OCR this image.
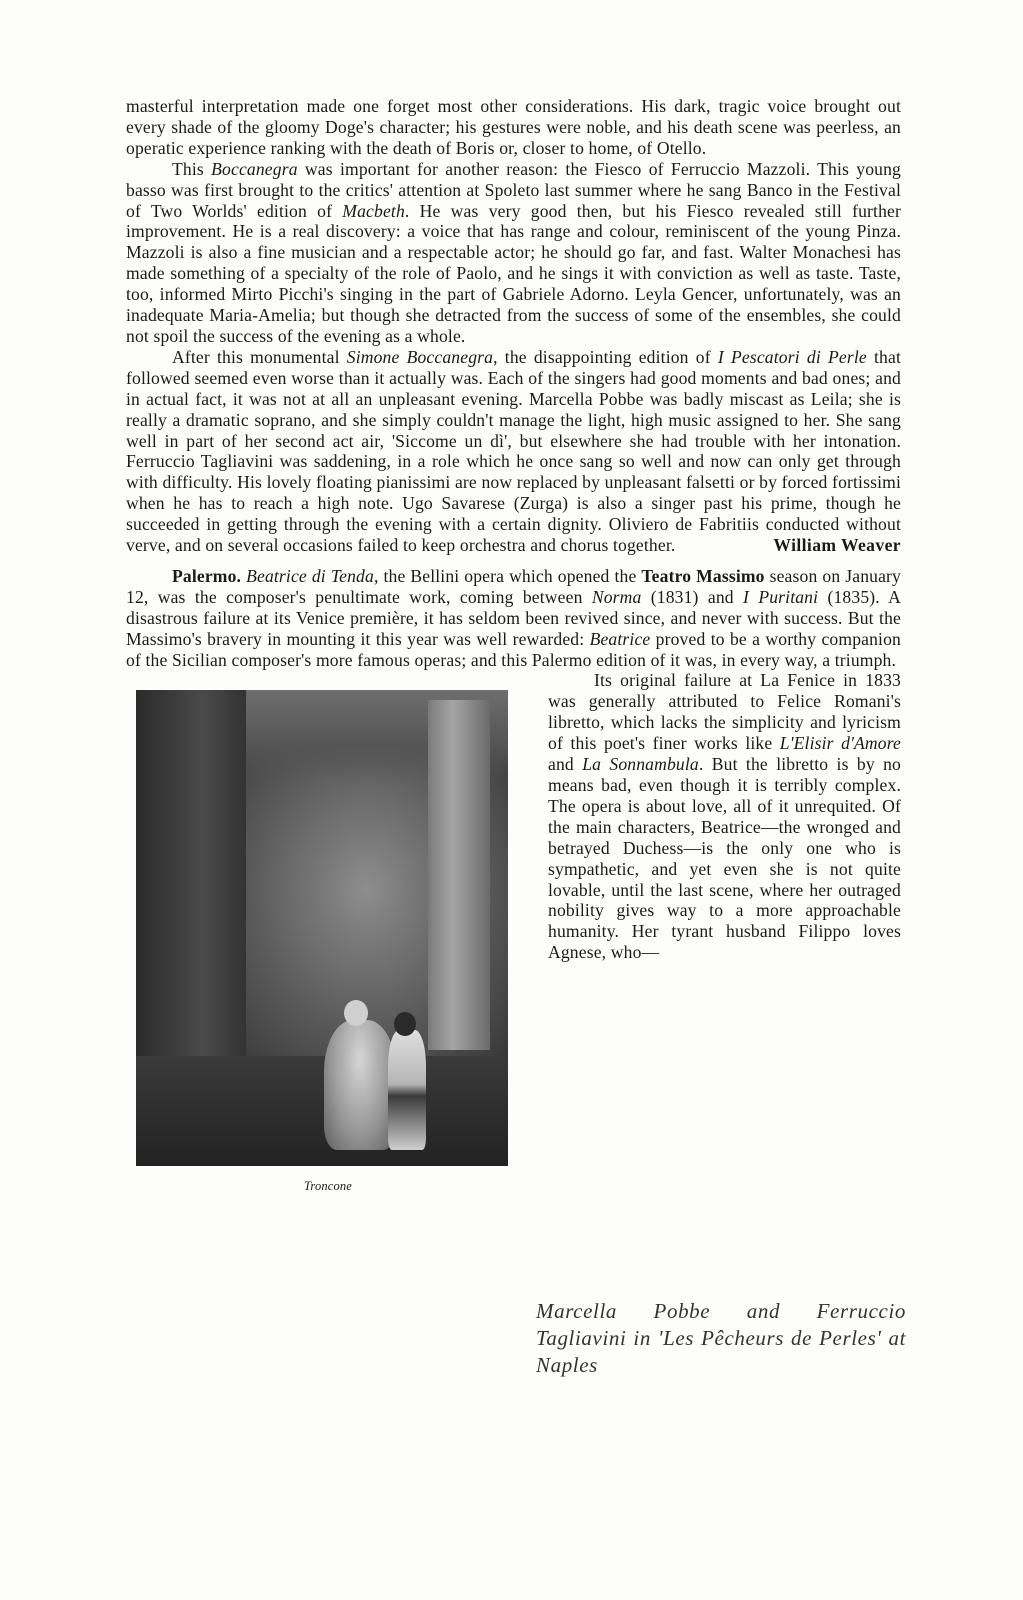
masterful interpretation made one forget most other considerations. His dark, tragic voice brought out every shade of the gloomy Doge's character; his gestures were noble, and his death scene was peerless, an operatic experience ranking with the death of Boris or, closer to home, of Otello.

This Boccanegra was important for another reason: the Fiesco of Ferruccio Mazzoli. This young basso was first brought to the critics' attention at Spoleto last summer where he sang Banco in the Festival of Two Worlds' edition of Macbeth. He was very good then, but his Fiesco revealed still further improvement. He is a real discovery: a voice that has range and colour, reminiscent of the young Pinza. Mazzoli is also a fine musician and a respectable actor; he should go far, and fast. Walter Monachesi has made something of a specialty of the role of Paolo, and he sings it with conviction as well as taste. Taste, too, informed Mirto Picchi's singing in the part of Gabriele Adorno. Leyla Gencer, unfortunately, was an inadequate Maria-Amelia; but though she detracted from the success of some of the ensembles, she could not spoil the success of the evening as a whole.

After this monumental Simone Boccanegra, the disappointing edition of I Pescatori di Perle that followed seemed even worse than it actually was. Each of the singers had good moments and bad ones; and in actual fact, it was not at all an unpleasant evening. Marcella Pobbe was badly miscast as Leila; she is really a dramatic soprano, and she simply couldn't manage the light, high music assigned to her. She sang well in part of her second act air, 'Siccome un dì', but elsewhere she had trouble with her intonation. Ferruccio Tagliavini was saddening, in a role which he once sang so well and now can only get through with difficulty. His lovely floating pianissimi are now replaced by unpleasant falsetti or by forced fortissimi when he has to reach a high note. Ugo Savarese (Zurga) is also a singer past his prime, though he succeeded in getting through the evening with a certain dignity. Oliviero de Fabritiis conducted without verve, and on several occasions failed to keep orchestra and chorus together.	William Weaver

Palermo. Beatrice di Tenda, the Bellini opera which opened the Teatro Massimo season on January 12, was the composer's penultimate work, coming between Norma (1831) and I Puritani (1835). A disastrous failure at its Venice première, it has seldom been revived since, and never with success. But the Massimo's bravery in mounting it this year was well rewarded: Beatrice proved to be a worthy companion of the Sicilian composer's more famous operas; and this Palermo edition of it was, in every way, a triumph.

Troncone

Its original failure at La Fenice in 1833 was generally attributed to Felice Romani's libretto, which lacks the simplicity and lyricism of this poet's finer works like L'Elisir d'Amore and La Sonnambula. But the libretto is by no means bad, even though it is terribly complex. The opera is about love, all of it unrequited. Of the main characters, Beatrice—the wronged and betrayed Duchess—is the only one who is sympathetic, and yet even she is not quite lovable, until the last scene, where her outraged nobility gives way to a more approachable humanity. Her tyrant husband Filippo loves Agnese, who—

Marcella Pobbe and Ferruccio Tagliavini in 'Les Pêcheurs de Perles' at Naples
